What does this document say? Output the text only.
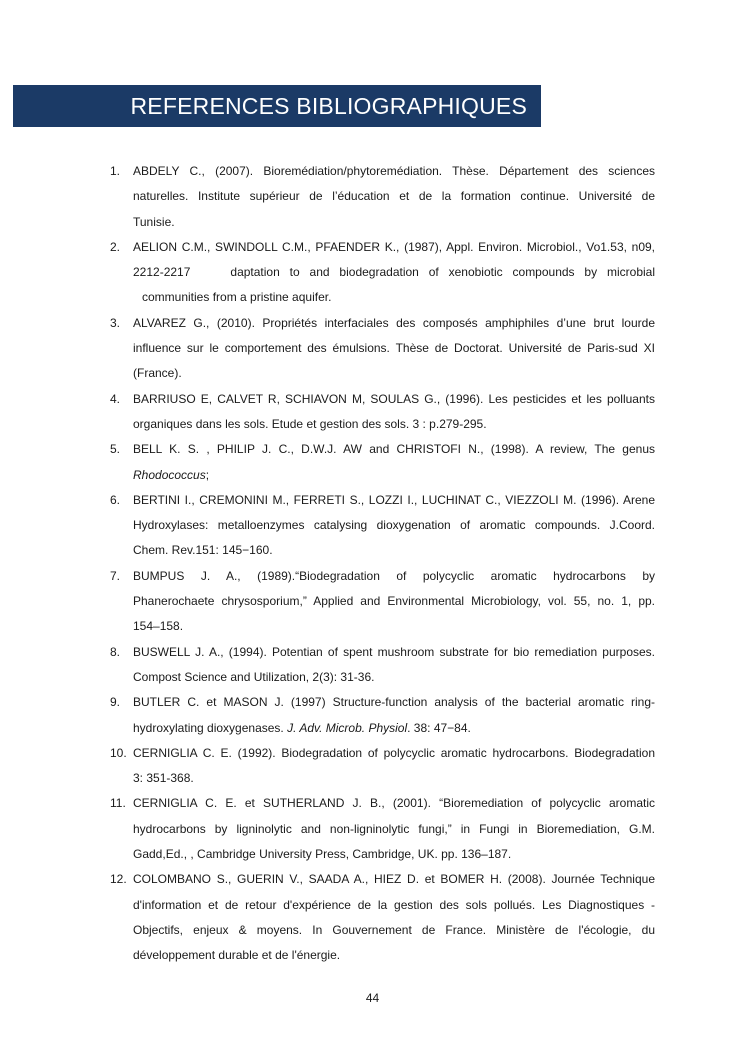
REFERENCES BIBLIOGRAPHIQUES
1. ABDELY C., (2007). Bioremédiation/phytoremédiation. Thèse. Département des sciences
naturelles. Institute supérieur de l’éducation et de la formation continue. Université de
Tunisie.
2. AELION C.M., SWINDOLL C.M., PFAENDER K., (1987), Appl. Environ. Microbiol., Vo1.53, n09,
2212-2217	daptation to and biodegradation of xenobiotic compounds by microbial
communities from a pristine aquifer.
3. ALVAREZ G., (2010). Propriétés interfaciales des composés amphiphiles d’une brut lourde
influence sur le comportement des émulsions. Thèse de Doctorat. Université de Paris-sud XI
(France).
4. BARRIUSO E, CALVET R, SCHIAVON M, SOULAS G., (1996). Les pesticides et les polluants
organiques dans les sols. Etude et gestion des sols. 3 : p.279-295.
5. BELL K. S. , PHILIP J. C., D.W.J. AW and CHRISTOFI N., (1998). A review, The genus
Rhodococcus;
6. BERTINI I., CREMONINI M., FERRETI S., LOZZI I., LUCHINAT C., VIEZZOLI M. (1996). Arene
Hydroxylases: metalloenzymes catalysing dioxygenation of aromatic compounds. J.Coord.
Chem. Rev.151: 145−160.
7. BUMPUS J. A., (1989).“Biodegradation of polycyclic aromatic hydrocarbons by
Phanerochaete chrysosporium,” Applied and Environmental Microbiology, vol. 55, no. 1, pp.
154–158.
8. BUSWELL J. A., (1994). Potentian of spent mushroom substrate for bio remediation purposes.
Compost Science and Utilization, 2(3): 31-36.
9. BUTLER C. et MASON J. (1997) Structure-function analysis of the bacterial aromatic ring-
hydroxylating dioxygenases. J. Adv. Microb. Physiol. 38: 47−84.
10. CERNIGLIA C. E. (1992). Biodegradation of polycyclic aromatic hydrocarbons. Biodegradation
3: 351-368.
11. CERNIGLIA C. E. et SUTHERLAND J. B., (2001). “Bioremediation of polycyclic aromatic
hydrocarbons by ligninolytic and non-ligninolytic fungi,” in Fungi in Bioremediation, G.M.
Gadd,Ed., , Cambridge University Press, Cambridge, UK. pp. 136–187.
12. COLOMBANO S., GUERIN V., SAADA A., HIEZ D. et BOMER H. (2008). Journée Technique
d'information et de retour d'expérience de la gestion des sols pollués. Les Diagnostiques -
Objectifs, enjeux & moyens. In Gouvernement de France. Ministère de l'écologie, du
développement durable et de l'énergie.
44
